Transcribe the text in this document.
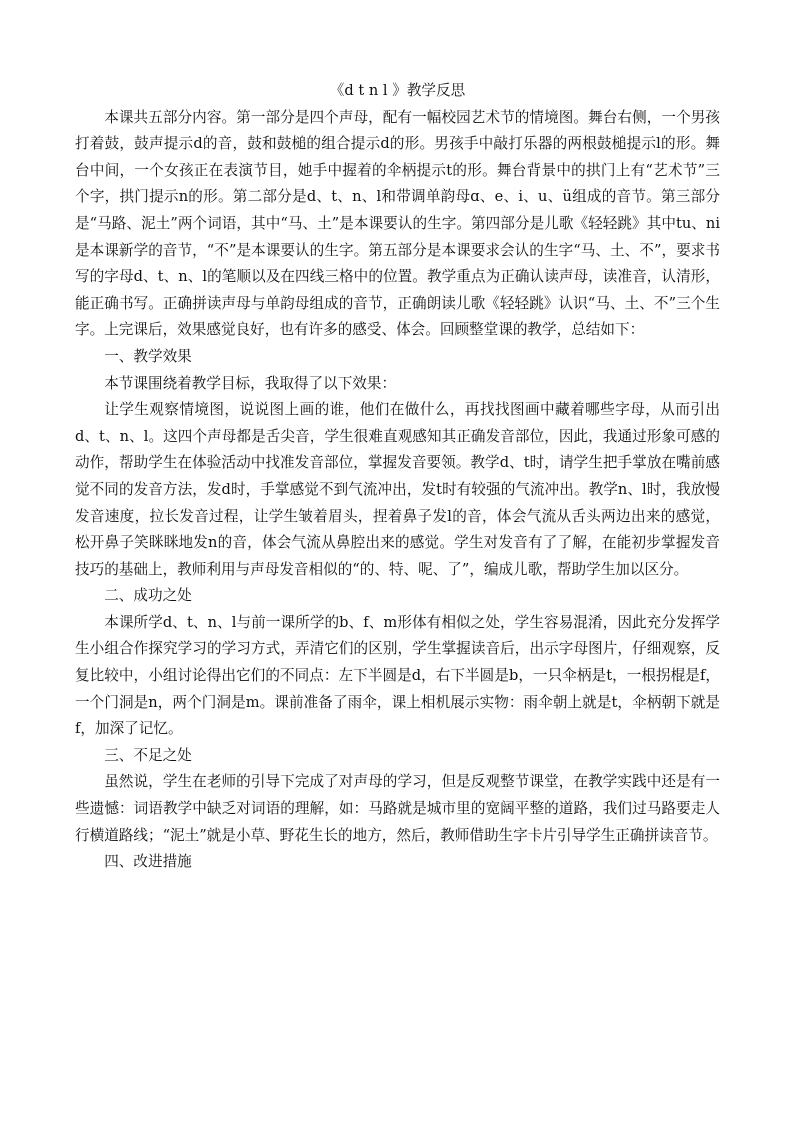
《d t n l 》教学反思

本课共五部分内容。第一部分是四个声母，配有一幅校园艺术节的情境图。舞台右侧，一个男孩打着鼓，鼓声提示d的音，鼓和鼓槌的组合提示d的形。男孩手中敲打乐器的两根鼓槌提示l的形。舞台中间，一个女孩正在表演节目，她手中握着的伞柄提示t的形。舞台背景中的拱门上有“艺术节”三个字，拱门提示n的形。第二部分是d、t、n、l和带调单韵母ɑ、e、i、u、ü组成的音节。第三部分是“马路、泥土”两个词语，其中“马、土”是本课要认的生字。第四部分是儿歌《轻轻跳》其中tu、ni是本课新学的音节，“不”是本课要认的生字。第五部分是本课要求会认的生字“马、土、不”，要求书写的字母d、t、n、l的笔顺以及在四线三格中的位置。教学重点为正确认读声母，读准音，认清形，能正确书写。正确拼读声母与单韵母组成的音节，正确朗读儿歌《轻轻跳》认识“马、土、不”三个生字。上完课后，效果感觉良好，也有许多的感受、体会。回顾整堂课的教学，总结如下：

一、教学效果

本节课围绕着教学目标，我取得了以下效果：

让学生观察情境图，说说图上画的谁，他们在做什么，再找找图画中藏着哪些字母，从而引出d、t、n、l。这四个声母都是舌尖音，学生很难直观感知其正确发音部位，因此，我通过形象可感的动作，帮助学生在体验活动中找准发音部位，掌握发音要领。教学d、t时，请学生把手掌放在嘴前感觉不同的发音方法，发d时，手掌感觉不到气流冲出，发t时有较强的气流冲出。教学n、l时，我放慢发音速度，拉长发音过程，让学生皱着眉头，捏着鼻子发l的音，体会气流从舌头两边出来的感觉，松开鼻子笑眯眯地发n的音，体会气流从鼻腔出来的感觉。学生对发音有了了解，在能初步掌握发音技巧的基础上，教师利用与声母发音相似的“的、特、呢、了”，编成儿歌，帮助学生加以区分。

二、成功之处

本课所学d、t、n、l与前一课所学的b、f、m形体有相似之处，学生容易混淆，因此充分发挥学生小组合作探究学习的学习方式，弄清它们的区别，学生掌握读音后，出示字母图片，仔细观察，反复比较中，小组讨论得出它们的不同点：左下半圆是d，右下半圆是b，一只伞柄是t，一根拐棍是f，一个门洞是n，两个门洞是m。课前准备了雨伞，课上相机展示实物：雨伞朝上就是t，伞柄朝下就是f，加深了记忆。

三、不足之处

虽然说，学生在老师的引导下完成了对声母的学习，但是反观整节课堂，在教学实践中还是有一些遗憾：词语教学中缺乏对词语的理解，如：马路就是城市里的宽阔平整的道路，我们过马路要走人行横道路线；“泥土”就是小草、野花生长的地方，然后，教师借助生字卡片引导学生正确拼读音节。

四、改进措施
